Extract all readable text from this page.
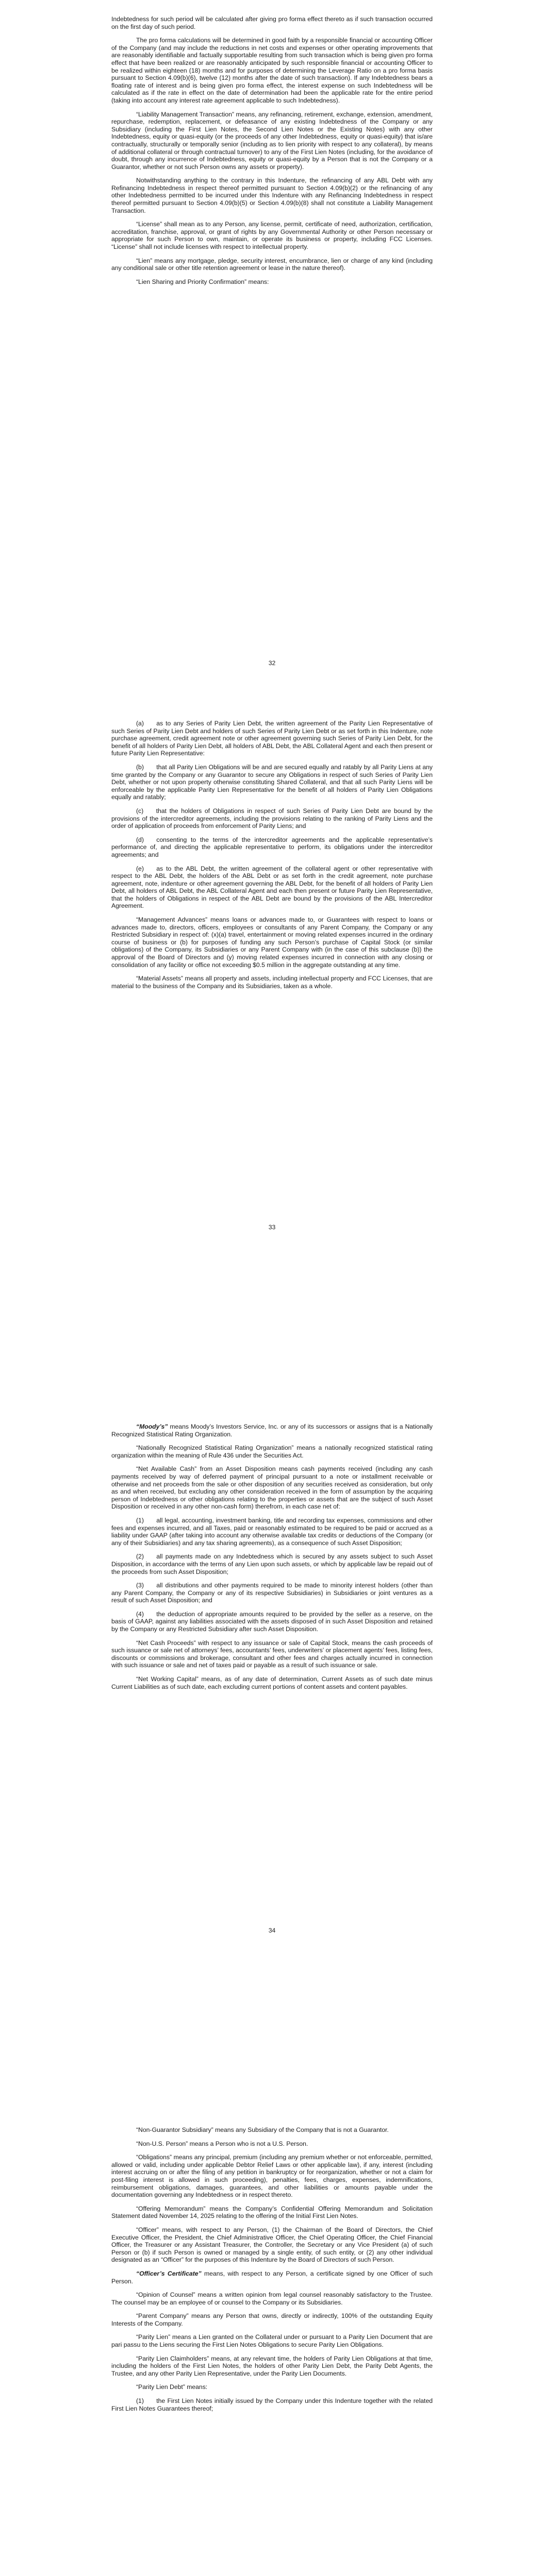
Indebtedness for such period will be calculated after giving pro forma effect thereto as if such transaction occurred on the first day of such period.

The pro forma calculations will be determined in good faith by a responsible financial or accounting Officer of the Company (and may include the reductions in net costs and expenses or other operating improvements that are reasonably identifiable and factually supportable resulting from such transaction which is being given pro forma effect that have been realized or are reasonably anticipated by such responsible financial or accounting Officer to be realized within eighteen (18) months and for purposes of determining the Leverage Ratio on a pro forma basis pursuant to Section 4.09(b)(6), twelve (12) months after the date of such transaction). If any Indebtedness bears a floating rate of interest and is being given pro forma effect, the interest expense on such Indebtedness will be calculated as if the rate in effect on the date of determination had been the applicable rate for the entire period (taking into account any interest rate agreement applicable to such Indebtedness).

“Liability Management Transaction” means, any refinancing, retirement, exchange, extension, amendment, repurchase, redemption, replacement, or defeasance of any existing Indebtedness of the Company or any Subsidiary (including the First Lien Notes, the Second Lien Notes or the Existing Notes) with any other Indebtedness, equity or quasi-equity (or the proceeds of any other Indebtedness, equity or quasi-equity) that is/are contractually, structurally or temporally senior (including as to lien priority with respect to any collateral), by means of additional collateral or through contractual turnover) to any of the First Lien Notes (including, for the avoidance of doubt, through any incurrence of Indebtedness, equity or quasi-equity by a Person that is not the Company or a Guarantor, whether or not such Person owns any assets or property).

Notwithstanding anything to the contrary in this Indenture, the refinancing of any ABL Debt with any Refinancing Indebtedness in respect thereof permitted pursuant to Section 4.09(b)(2) or the refinancing of any other Indebtedness permitted to be incurred under this Indenture with any Refinancing Indebtedness in respect thereof permitted pursuant to Section 4.09(b)(5) or Section 4.09(b)(8) shall not constitute a Liability Management Transaction.

“License” shall mean as to any Person, any license, permit, certificate of need, authorization, certification, accreditation, franchise, approval, or grant of rights by any Governmental Authority or other Person necessary or appropriate for such Person to own, maintain, or operate its business or property, including FCC Licenses. “License” shall not include licenses with respect to intellectual property.

“Lien” means any mortgage, pledge, security interest, encumbrance, lien or charge of any kind (including any conditional sale or other title retention agreement or lease in the nature thereof).

“Lien Sharing and Priority Confirmation” means:

32

(a)  as to any Series of Parity Lien Debt, the written agreement of the Parity Lien Representative of such Series of Parity Lien Debt and holders of such Series of Parity Lien Debt or as set forth in this Indenture, note purchase agreement, credit agreement note or other agreement governing such Series of Parity Lien Debt, for the benefit of all holders of Parity Lien Debt, all holders of ABL Debt, the ABL Collateral Agent and each then present or future Parity Lien Representative:

(b)  that all Parity Lien Obligations will be and are secured equally and ratably by all Parity Liens at any time granted by the Company or any Guarantor to secure any Obligations in respect of such Series of Parity Lien Debt, whether or not upon property otherwise constituting Shared Collateral, and that all such Parity Liens will be enforceable by the applicable Parity Lien Representative for the benefit of all holders of Parity Lien Obligations equally and ratably;

(c)  that the holders of Obligations in respect of such Series of Parity Lien Debt are bound by the provisions of the intercreditor agreements, including the provisions relating to the ranking of Parity Liens and the order of application of proceeds from enforcement of Parity Liens; and

(d)  consenting to the terms of the intercreditor agreements and the applicable representative’s performance of, and directing the applicable representative to perform, its obligations under the intercreditor agreements; and

(e)  as to the ABL Debt, the written agreement of the collateral agent or other representative with respect to the ABL Debt, the holders of the ABL Debt or as set forth in the credit agreement, note purchase agreement, note, indenture or other agreement governing the ABL Debt, for the benefit of all holders of Parity Lien Debt, all holders of ABL Debt, the ABL Collateral Agent and each then present or future Parity Lien Representative, that the holders of Obligations in respect of the ABL Debt are bound by the provisions of the ABL Intercreditor Agreement.

“Management Advances” means loans or advances made to, or Guarantees with respect to loans or advances made to, directors, officers, employees or consultants of any Parent Company, the Company or any Restricted Subsidiary in respect of: (x)(a) travel, entertainment or moving related expenses incurred in the ordinary course of business or (b) for purposes of funding any such Person’s purchase of Capital Stock (or similar obligations) of the Company, its Subsidiaries or any Parent Company with (in the case of this subclause (b)) the approval of the Board of Directors and (y) moving related expenses incurred in connection with any closing or consolidation of any facility or office not exceeding $0.5 million in the aggregate outstanding at any time.

“Material Assets” means all property and assets, including intellectual property and FCC Licenses, that are material to the business of the Company and its Subsidiaries, taken as a whole.

33

“Moody’s” means Moody’s Investors Service, Inc. or any of its successors or assigns that is a Nationally Recognized Statistical Rating Organization.

“Nationally Recognized Statistical Rating Organization” means a nationally recognized statistical rating organization within the meaning of Rule 436 under the Securities Act.

“Net Available Cash” from an Asset Disposition means cash payments received (including any cash payments received by way of deferred payment of principal pursuant to a note or installment receivable or otherwise and net proceeds from the sale or other disposition of any securities received as consideration, but only as and when received, but excluding any other consideration received in the form of assumption by the acquiring person of Indebtedness or other obligations relating to the properties or assets that are the subject of such Asset Disposition or received in any other non-cash form) therefrom, in each case net of:

(1)  all legal, accounting, investment banking, title and recording tax expenses, commissions and other fees and expenses incurred, and all Taxes, paid or reasonably estimated to be required to be paid or accrued as a liability under GAAP (after taking into account any otherwise available tax credits or deductions of the Company (or any of their Subsidiaries) and any tax sharing agreements), as a consequence of such Asset Disposition;

(2)  all payments made on any Indebtedness which is secured by any assets subject to such Asset Disposition, in accordance with the terms of any Lien upon such assets, or which by applicable law be repaid out of the proceeds from such Asset Disposition;

(3)  all distributions and other payments required to be made to minority interest holders (other than any Parent Company, the Company or any of its respective Subsidiaries) in Subsidiaries or joint ventures as a result of such Asset Disposition; and

(4)  the deduction of appropriate amounts required to be provided by the seller as a reserve, on the basis of GAAP, against any liabilities associated with the assets disposed of in such Asset Disposition and retained by the Company or any Restricted Subsidiary after such Asset Disposition.

“Net Cash Proceeds” with respect to any issuance or sale of Capital Stock, means the cash proceeds of such issuance or sale net of attorneys’ fees, accountants’ fees, underwriters’ or placement agents’ fees, listing fees, discounts or commissions and brokerage, consultant and other fees and charges actually incurred in connection with such issuance or sale and net of taxes paid or payable as a result of such issuance or sale.

“Net Working Capital” means, as of any date of determination, Current Assets as of such date minus Current Liabilities as of such date, each excluding current portions of content assets and content payables.

34

“Non-Guarantor Subsidiary” means any Subsidiary of the Company that is not a Guarantor.

“Non-U.S. Person” means a Person who is not a U.S. Person.

“Obligations” means any principal, premium (including any premium whether or not enforceable, permitted, allowed or valid, including under applicable Debtor Relief Laws or other applicable law), if any, interest (including interest accruing on or after the filing of any petition in bankruptcy or for reorganization, whether or not a claim for post-filing interest is allowed in such proceeding), penalties, fees, charges, expenses, indemnifications, reimbursement obligations, damages, guarantees, and other liabilities or amounts payable under the documentation governing any Indebtedness or in respect thereto.

“Offering Memorandum” means the Company’s Confidential Offering Memorandum and Solicitation Statement dated November 14, 2025 relating to the offering of the Initial First Lien Notes.

“Officer” means, with respect to any Person, (1) the Chairman of the Board of Directors, the Chief Executive Officer, the President, the Chief Administrative Officer, the Chief Operating Officer, the Chief Financial Officer, the Treasurer or any Assistant Treasurer, the Controller, the Secretary or any Vice President (a) of such Person or (b) if such Person is owned or managed by a single entity, of such entity, or (2) any other individual designated as an “Officer” for the purposes of this Indenture by the Board of Directors of such Person.

“Officer’s Certificate” means, with respect to any Person, a certificate signed by one Officer of such Person.

“Opinion of Counsel” means a written opinion from legal counsel reasonably satisfactory to the Trustee. The counsel may be an employee of or counsel to the Company or its Subsidiaries.

“Parent Company” means any Person that owns, directly or indirectly, 100% of the outstanding Equity Interests of the Company.

“Parity Lien” means a Lien granted on the Collateral under or pursuant to a Parity Lien Document that are pari passu to the Liens securing the First Lien Notes Obligations to secure Parity Lien Obligations.

“Parity Lien Claimholders” means, at any relevant time, the holders of Parity Lien Obligations at that time, including the holders of the First Lien Notes, the holders of other Parity Lien Debt, the Parity Debt Agents, the Trustee, and any other Parity Lien Representative, under the Parity Lien Documents.

“Parity Lien Debt” means:

(1)  the First Lien Notes initially issued by the Company under this Indenture together with the related First Lien Notes Guarantees thereof;
